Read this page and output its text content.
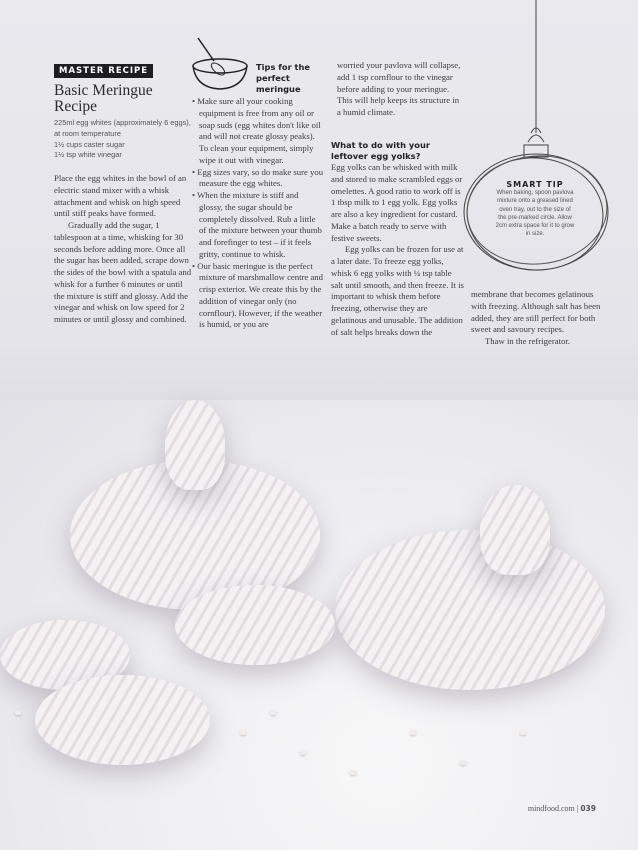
MASTER RECIPE
Basic Meringue Recipe
225ml egg whites (approximately 6 eggs), at room temperature
1½ cups caster sugar
1½ tsp white vinegar

Place the egg whites in the bowl of an electric stand mixer with a whisk attachment and whisk on high speed until stiff peaks have formed.

Gradually add the sugar, 1 tablespoon at a time, whisking for 30 seconds before adding more. Once all the sugar has been added, scrape down the sides of the bowl with a spatula and whisk for a further 6 minutes or until the mixture is stiff and glossy. Add the vinegar and whisk on low speed for 2 minutes or until glossy and combined.

Tips for the perfect meringue
• Make sure all your cooking equipment is free from any oil or soap suds (egg whites don't like oil and will not create glossy peaks). To clean your equipment, simply wipe it out with vinegar.
• Egg sizes vary, so do make sure you measure the egg whites.
• When the mixture is stiff and glossy, the sugar should be completely dissolved. Rub a little of the mixture between your thumb and forefinger to test – if it feels gritty, continue to whisk.
• Our basic meringue is the perfect mixture of marshmallow centre and crisp exterior. We create this by the addition of vinegar only (no cornflour). However, if the weather is humid, or you are
worried your pavlova will collapse, add 1 tsp cornflour to the vinegar before adding to your meringue. This will help keeps its structure in a humid climate.
What to do with your leftover egg yolks?

Egg yolks can be whisked with milk and stored to make scrambled eggs or omelettes. A good ratio to work off is 1 tbsp milk to 1 egg yolk. Egg yolks are also a key ingredient for custard. Make a batch ready to serve with festive sweets.

Egg yolks can be frozen for use at a later date. To freeze egg yolks, whisk 6 egg yolks with ¼ tsp table salt until smooth, and then freeze. It is important to whisk them before freezing, otherwise they are gelatinous and unusable. The addition of salt helps breaks down the

membrane that becomes gelatinous with freezing. Although salt has been added, they are still perfect for both sweet and savoury recipes.

Thaw in the refrigerator.

SMART TIP

When baking, spoon pavlova mixture onto a greased lined oven tray, out to the size of the pre-marked circle. Allow 2cm extra space for it to grow in size.

mindfood.com | 039
